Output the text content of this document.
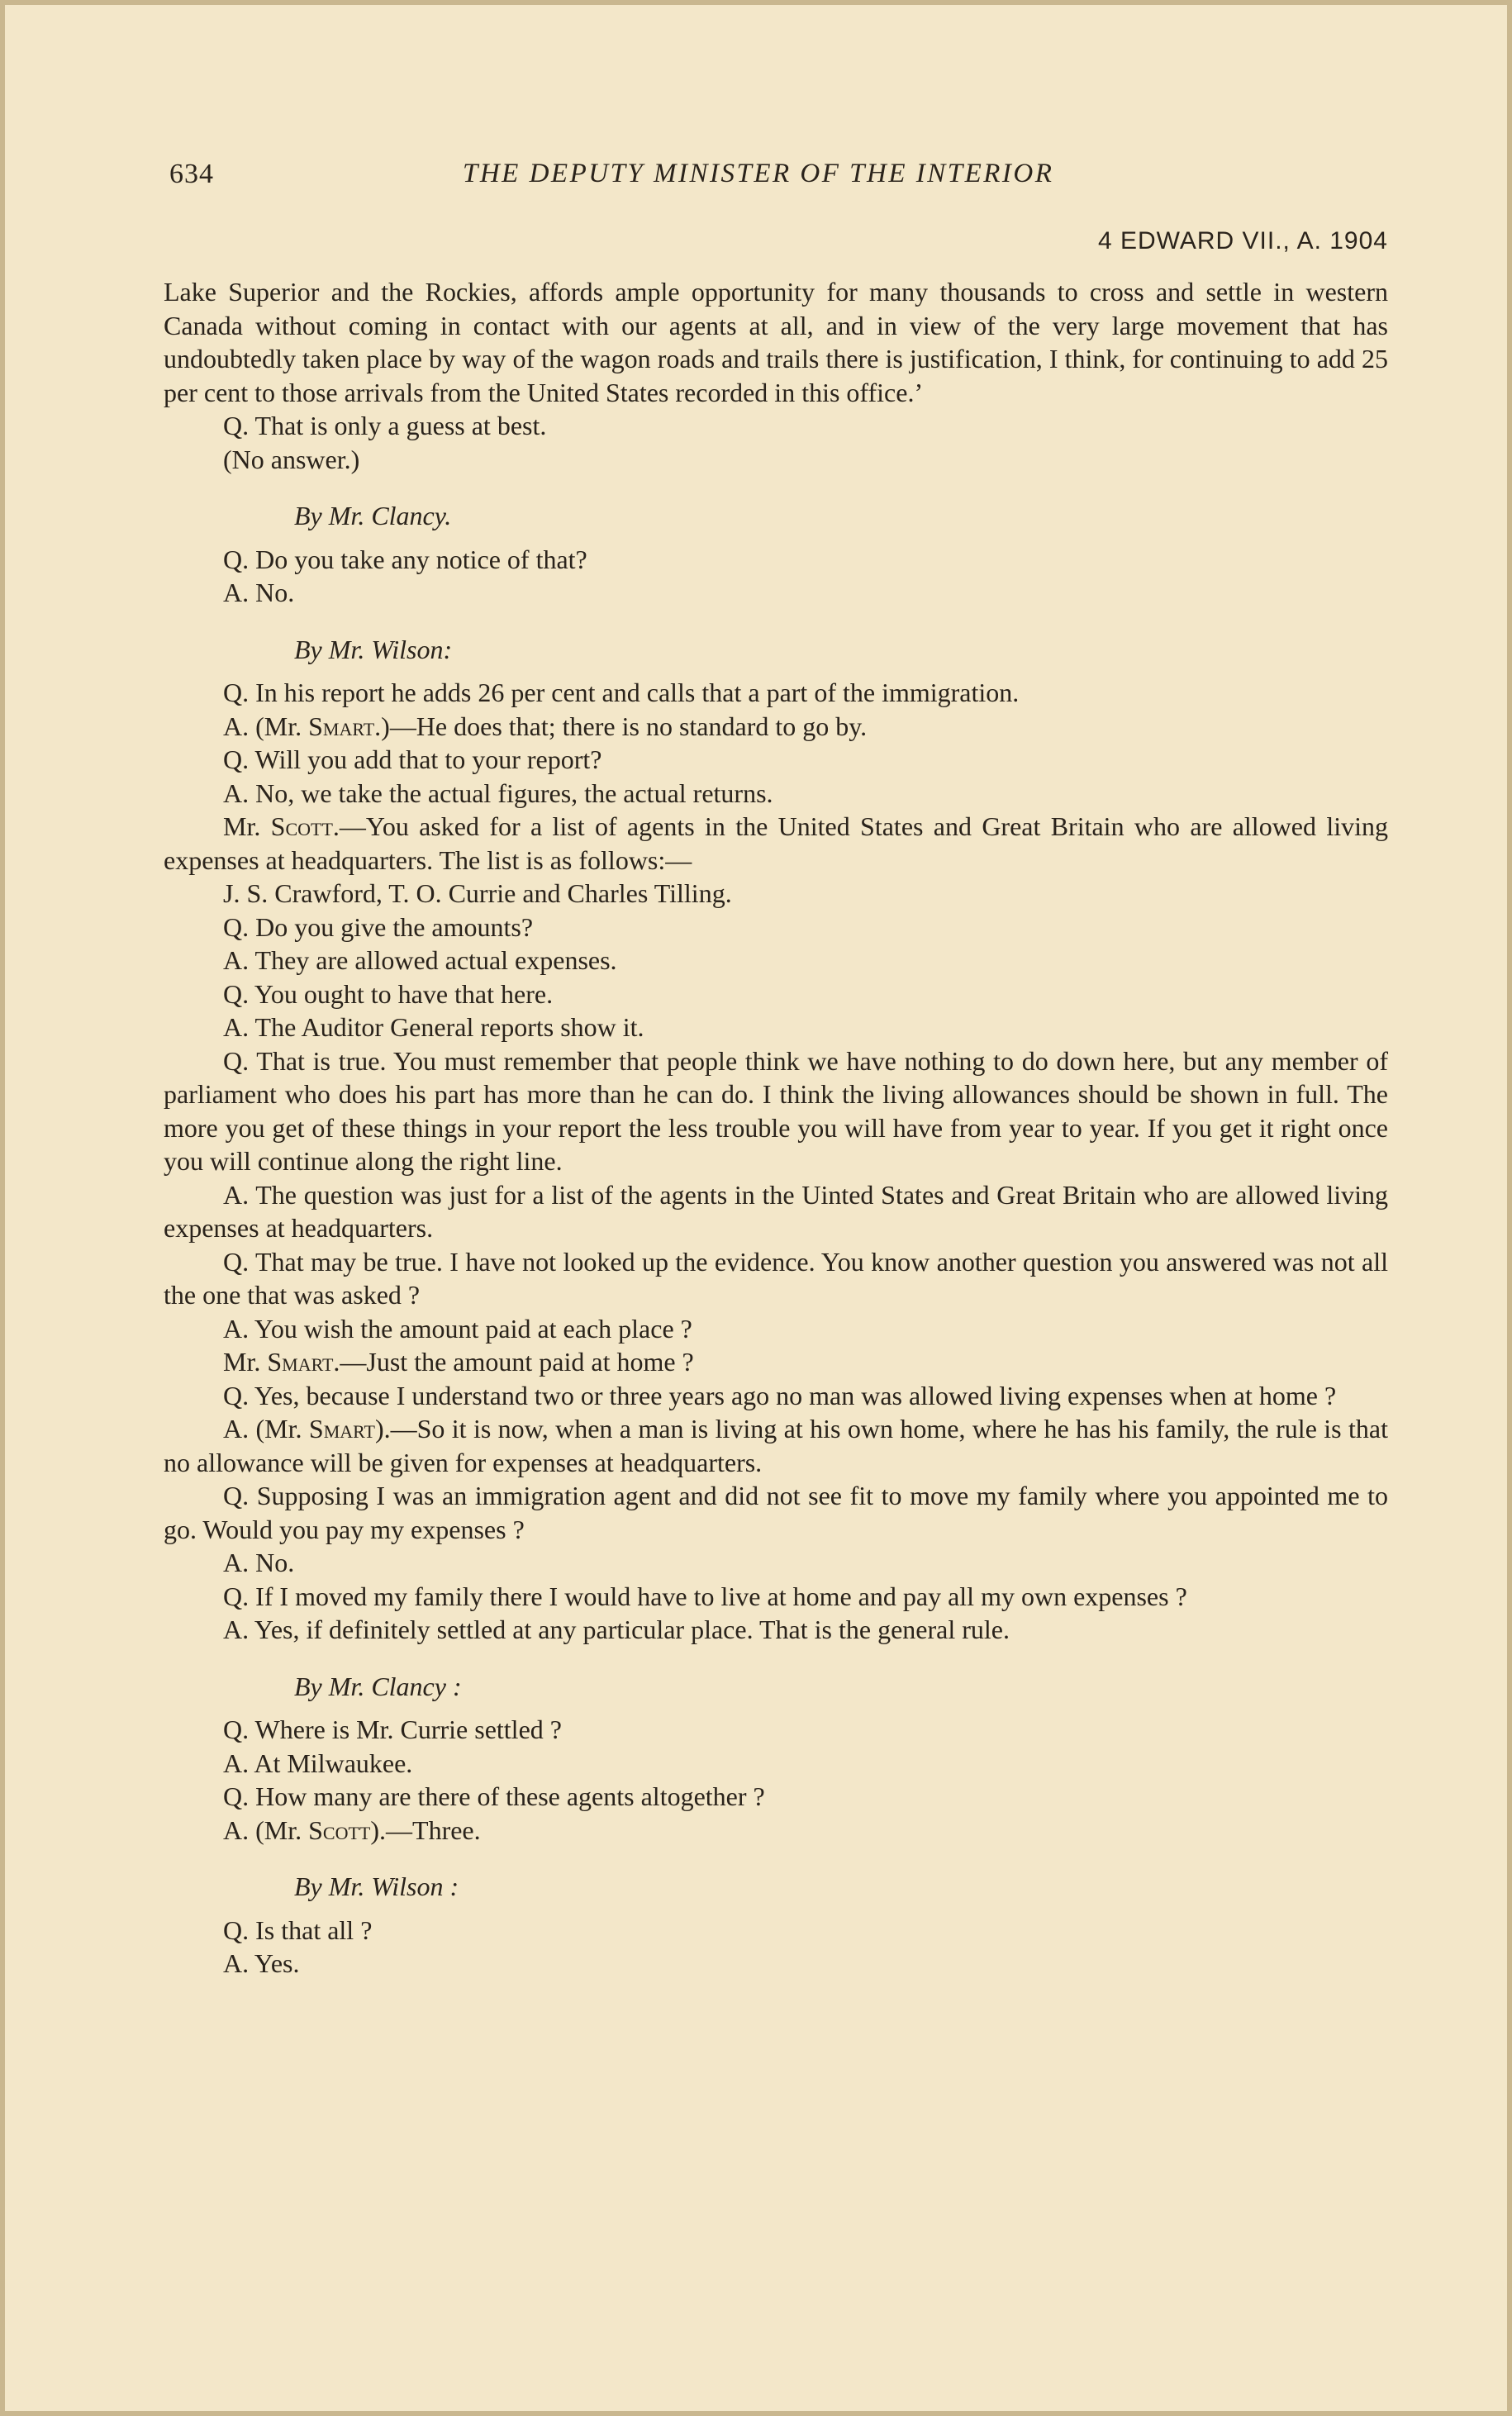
634	THE DEPUTY MINISTER OF THE INTERIOR
4 EDWARD VII., A. 1904

Lake Superior and the Rockies, affords ample opportunity for many thousands to cross and settle in western Canada without coming in contact with our agents at all, and in view of the very large movement that has undoubtedly taken place by way of the wagon roads and trails there is justification, I think, for continuing to add 25 per cent to those arrivals from the United States recorded in this office.’

Q. That is only a guess at best.

(No answer.)

By Mr. Clancy.

Q. Do you take any notice of that?

A. No.

By Mr. Wilson:

Q. In his report he adds 26 per cent and calls that a part of the immigration.

A. (Mr. Smart.)—He does that; there is no standard to go by.

Q. Will you add that to your report?

A. No, we take the actual figures, the actual returns.

Mr. Scott.—You asked for a list of agents in the United States and Great Britain who are allowed living expenses at headquarters. The list is as follows:—

J. S. Crawford, T. O. Currie and Charles Tilling.

Q. Do you give the amounts?

A. They are allowed actual expenses.

Q. You ought to have that here.

A. The Auditor General reports show it.

Q. That is true. You must remember that people think we have nothing to do down here, but any member of parliament who does his part has more than he can do. I think the living allowances should be shown in full. The more you get of these things in your report the less trouble you will have from year to year. If you get it right once you will continue along the right line.

A. The question was just for a list of the agents in the Uinted States and Great Britain who are allowed living expenses at headquarters.

Q. That may be true. I have not looked up the evidence. You know another question you answered was not all the one that was asked ?

A. You wish the amount paid at each place ?

Mr. Smart.—Just the amount paid at home ?

Q. Yes, because I understand two or three years ago no man was allowed living expenses when at home ?

A. (Mr. Smart).—So it is now, when a man is living at his own home, where he has his family, the rule is that no allowance will be given for expenses at headquarters.

Q. Supposing I was an immigration agent and did not see fit to move my family where you appointed me to go. Would you pay my expenses ?

A. No.

Q. If I moved my family there I would have to live at home and pay all my own expenses ?

A. Yes, if definitely settled at any particular place. That is the general rule.

By Mr. Clancy :

Q. Where is Mr. Currie settled ?

A. At Milwaukee.

Q. How many are there of these agents altogether ?

A. (Mr. Scott).—Three.

By Mr. Wilson :

Q. Is that all ?

A. Yes.
